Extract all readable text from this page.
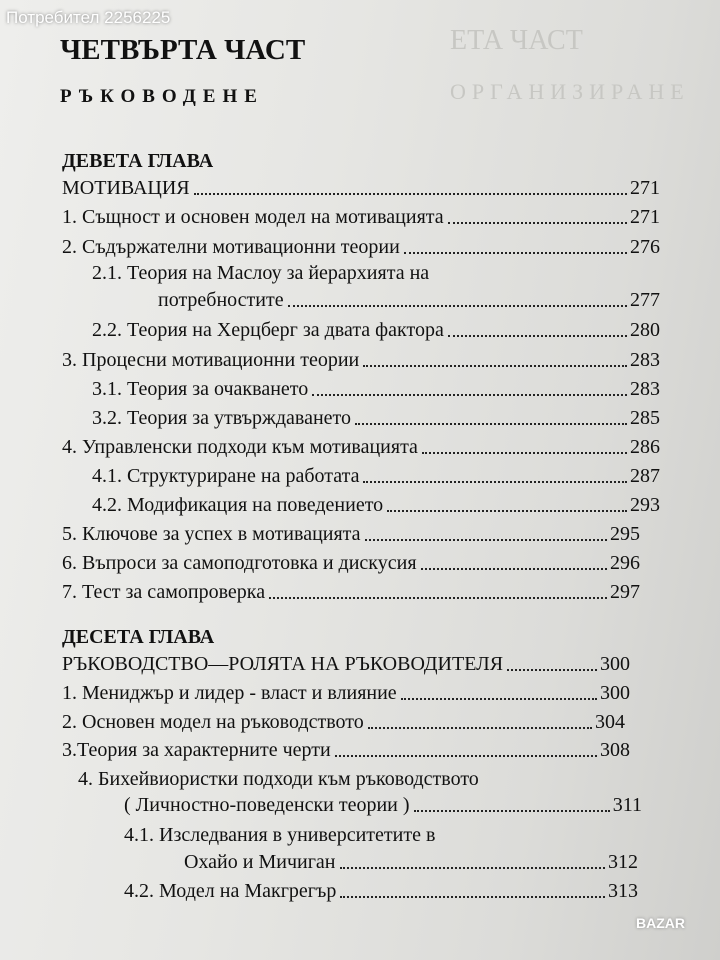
ЕТА ЧАСТ
ОРГАНИЗИРАНЕ
Потребител 2256225
ЧЕТВЪРТА ЧАСТ
РЪКОВОДЕНЕ
ДЕВЕТА ГЛАВА
МОТИВАЦИЯ	271
1. Същност и основен модел на мотивацията	271
2. Съдържателни мотивационни теории	276
2.1. Теория на Маслоу за йерархията на
потребностите	277
2.2. Теория на Херцберг за двата фактора	280
3. Процесни мотивационни теории	283
3.1. Теория за очакването	283
3.2. Теория за утвърждаването	285
4. Управленски подходи към мотивацията	286
4.1. Структуриране на работата	287
4.2. Модификация на поведението	293
5. Ключове за успех в мотивацията	295
6. Въпроси за самоподготовка и дискусия	296
7. Тест за самопроверка	297
ДЕСЕТА ГЛАВА
РЪКОВОДСТВО—РОЛЯТА НА РЪКОВОДИТЕЛЯ	300
1. Мениджър и лидер - власт и влияние	300
2. Основен модел на ръководството	304
3.Теория за характерните черти	308
4. Бихейвиористки подходи към ръководството
( Личностно-поведенски теории )	311
4.1. Изследвания в университетите в
Охайо и Мичиган	312
4.2. Модел на Макгрегър	313
BAZAR
